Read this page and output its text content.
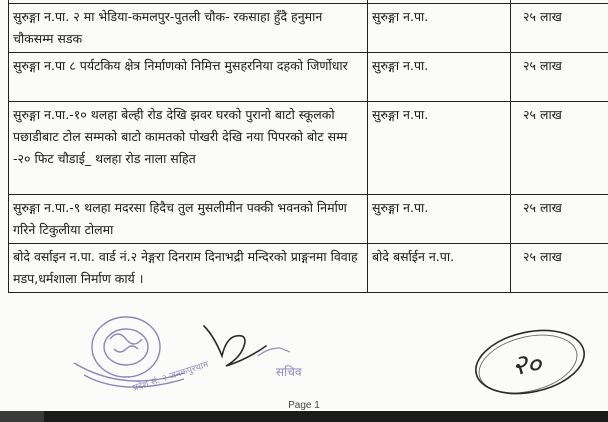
सुरुङ्गा न.पा. २ मा भेडिया-कमलपुर-पुतली चौक- रकसाहा हुँदै हनुमान चौकसम्म सडक	सुरुङ्गा न.पा.	२५ लाख
सुरुङ्गा न.पा ८ पर्यटकिय क्षेत्र निर्माणको निमित्त मुसहरनिया दहको जिर्णोधार	सुरुङ्गा न.पा.	२५ लाख
सुरुङ्गा न.पा.-१० थलहा बेल्ही रोड देखि झवर घरको पुरानो बाटो स्कूलको पछाडीबाट टोल सम्मको बाटो कामतको पोखरी देखि नया पिपरको बोट सम्म -२० फिट चौडाई_ थलहा रोड नाला सहित	सुरुङ्गा न.पा.	२५ लाख
सुरुङ्गा न.पा.-९ थलहा मदरसा हिदैच तुल मुसलीमीन पक्की भवनको निर्माण गरिने टिकुलीया टोलमा	सुरुङ्गा न.पा.	२५ लाख
बोदे वर्साइन न.पा. वार्ड नं.२ नेङ्गरा दिनराम दिनाभद्री मन्दिरको प्राङ्गनमा विवाह मडप,धर्मशाला निर्माण कार्य ।	बोदे बर्साईन न.पा.	२५ लाख
प्रदेश सं. २ जनकपुरधाम	सचिव	२०
Page 1
